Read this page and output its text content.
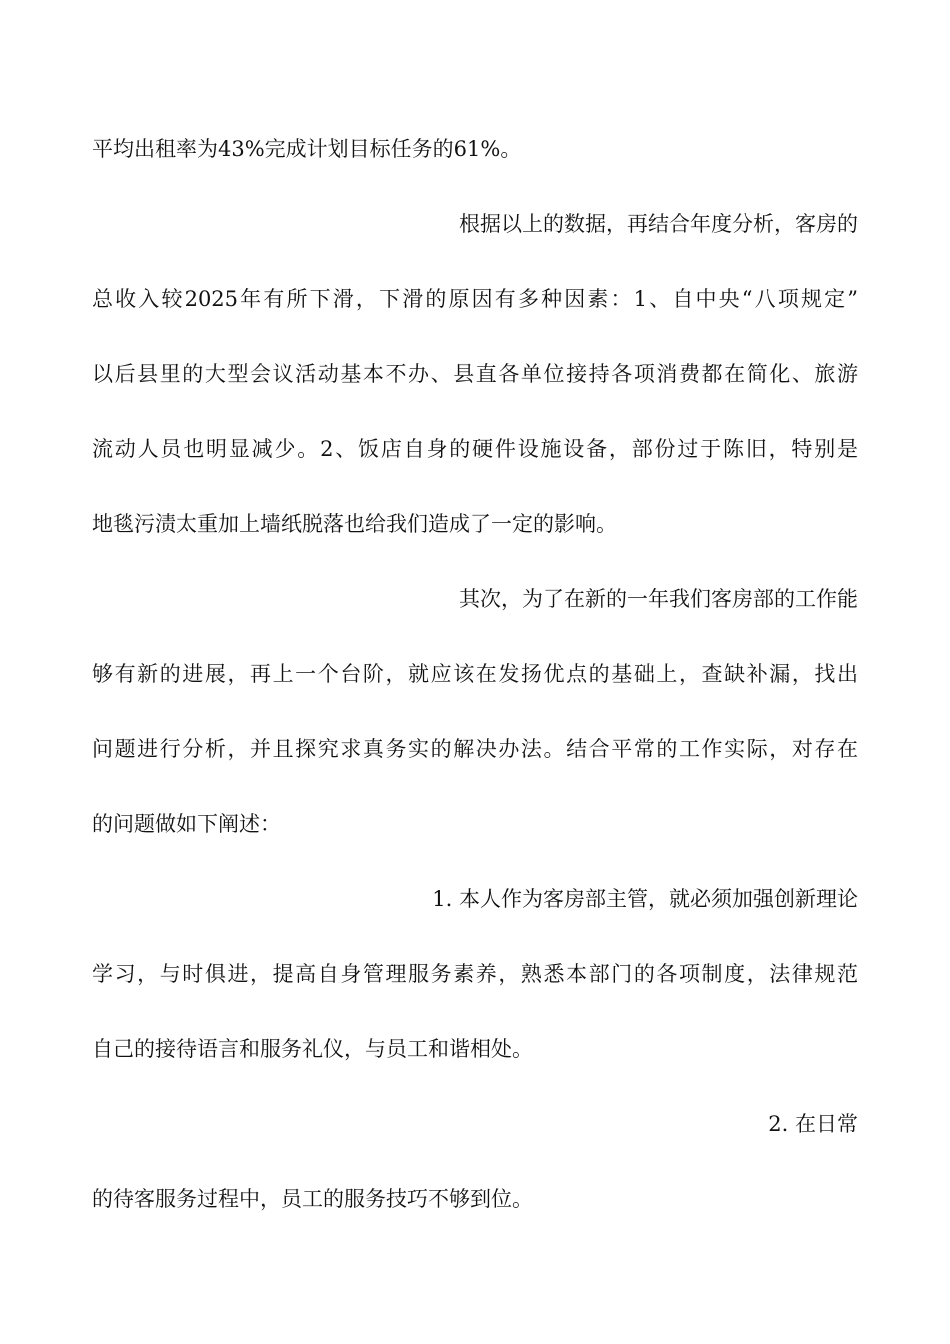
平均出租率为43%完成计划目标任务的61%。
根据以上的数据，再结合年度分析，客房的
总收入较2025年有所下滑，下滑的原因有多种因素：1、自中央“八项规定”
以后县里的大型会议活动基本不办、县直各单位接持各项消费都在简化、旅游
流动人员也明显减少。2、饭店自身的硬件设施设备，部份过于陈旧，特别是
地毯污渍太重加上墙纸脱落也给我们造成了一定的影响。
其次，为了在新的一年我们客房部的工作能
够有新的进展，再上一个台阶，就应该在发扬优点的基础上，查缺补漏，找出
问题进行分析，并且探究求真务实的解决办法。结合平常的工作实际，对存在
的问题做如下阐述：
1. 本人作为客房部主管，就必须加强创新理论
学习，与时俱进，提高自身管理服务素养，熟悉本部门的各项制度，法律规范
自己的接待语言和服务礼仪，与员工和谐相处。
2. 在日常
的待客服务过程中，员工的服务技巧不够到位。
